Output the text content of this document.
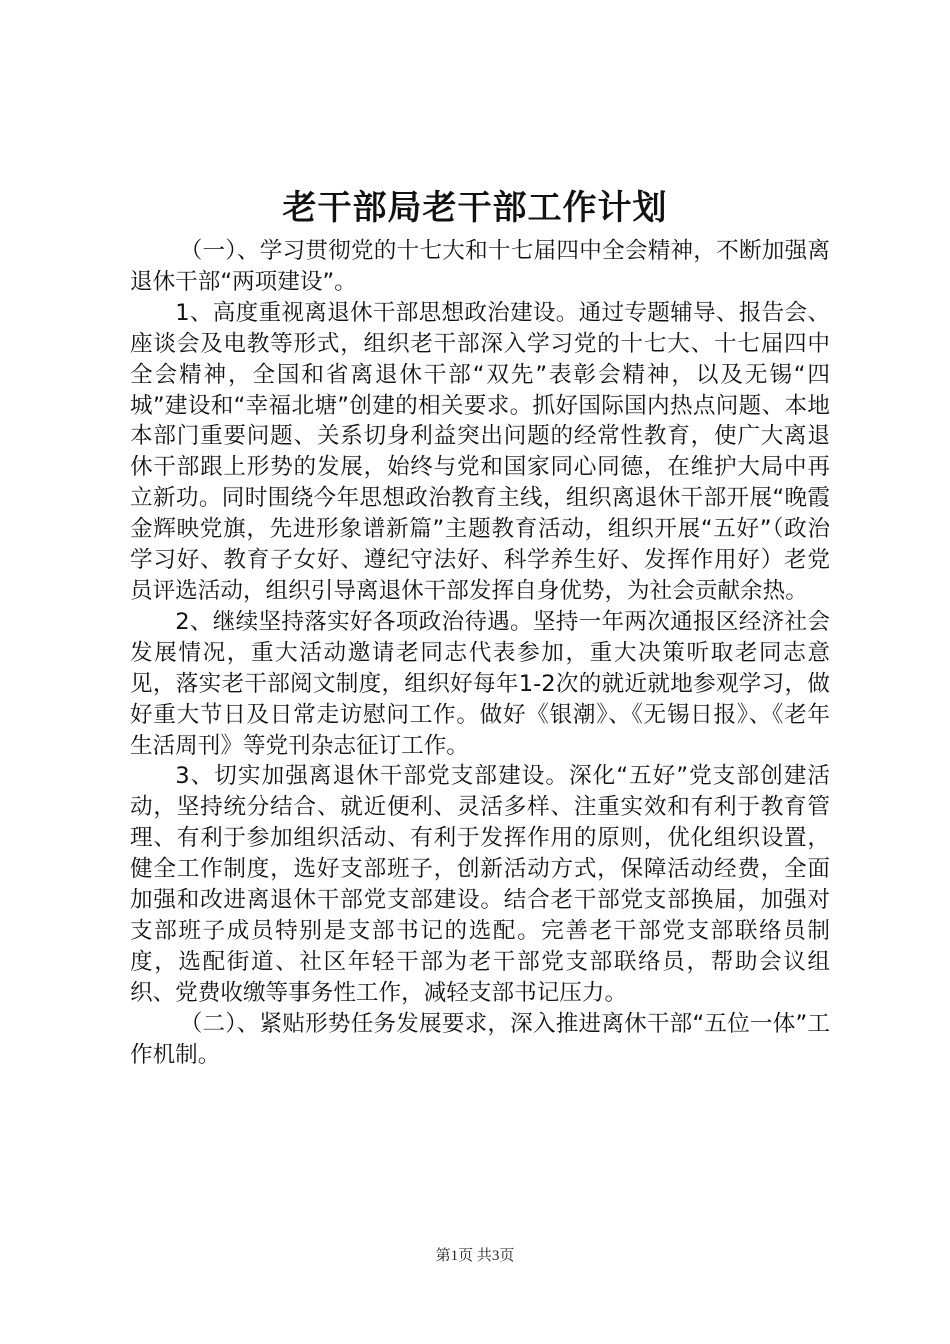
老干部局老干部工作计划

（一）、学习贯彻党的十七大和十七届四中全会精神，不断加强离退休干部“两项建设”。

1、高度重视离退休干部思想政治建设。通过专题辅导、报告会、座谈会及电教等形式，组织老干部深入学习党的十七大、十七届四中全会精神，全国和省离退休干部“双先”表彰会精神，以及无锡“四城”建设和“幸福北塘”创建的相关要求。抓好国际国内热点问题、本地本部门重要问题、关系切身利益突出问题的经常性教育，使广大离退休干部跟上形势的发展，始终与党和国家同心同德，在维护大局中再立新功。同时围绕今年思想政治教育主线，组织离退休干部开展“晚霞金辉映党旗，先进形象谱新篇”主题教育活动，组织开展“五好”（政治学习好、教育子女好、遵纪守法好、科学养生好、发挥作用好）老党员评选活动，组织引导离退休干部发挥自身优势，为社会贡献余热。

2、继续坚持落实好各项政治待遇。坚持一年两次通报区经济社会发展情况，重大活动邀请老同志代表参加，重大决策听取老同志意见，落实老干部阅文制度，组织好每年1-2次的就近就地参观学习，做好重大节日及日常走访慰问工作。做好《银潮》、《无锡日报》、《老年生活周刊》等党刊杂志征订工作。

3、切实加强离退休干部党支部建设。深化“五好”党支部创建活动，坚持统分结合、就近便利、灵活多样、注重实效和有利于教育管理、有利于参加组织活动、有利于发挥作用的原则，优化组织设置，健全工作制度，选好支部班子，创新活动方式，保障活动经费，全面加强和改进离退休干部党支部建设。结合老干部党支部换届，加强对支部班子成员特别是支部书记的选配。完善老干部党支部联络员制度，选配街道、社区年轻干部为老干部党支部联络员，帮助会议组织、党费收缴等事务性工作，减轻支部书记压力。

（二）、紧贴形势任务发展要求，深入推进离休干部“五位一体”工作机制。

第1页 共3页
